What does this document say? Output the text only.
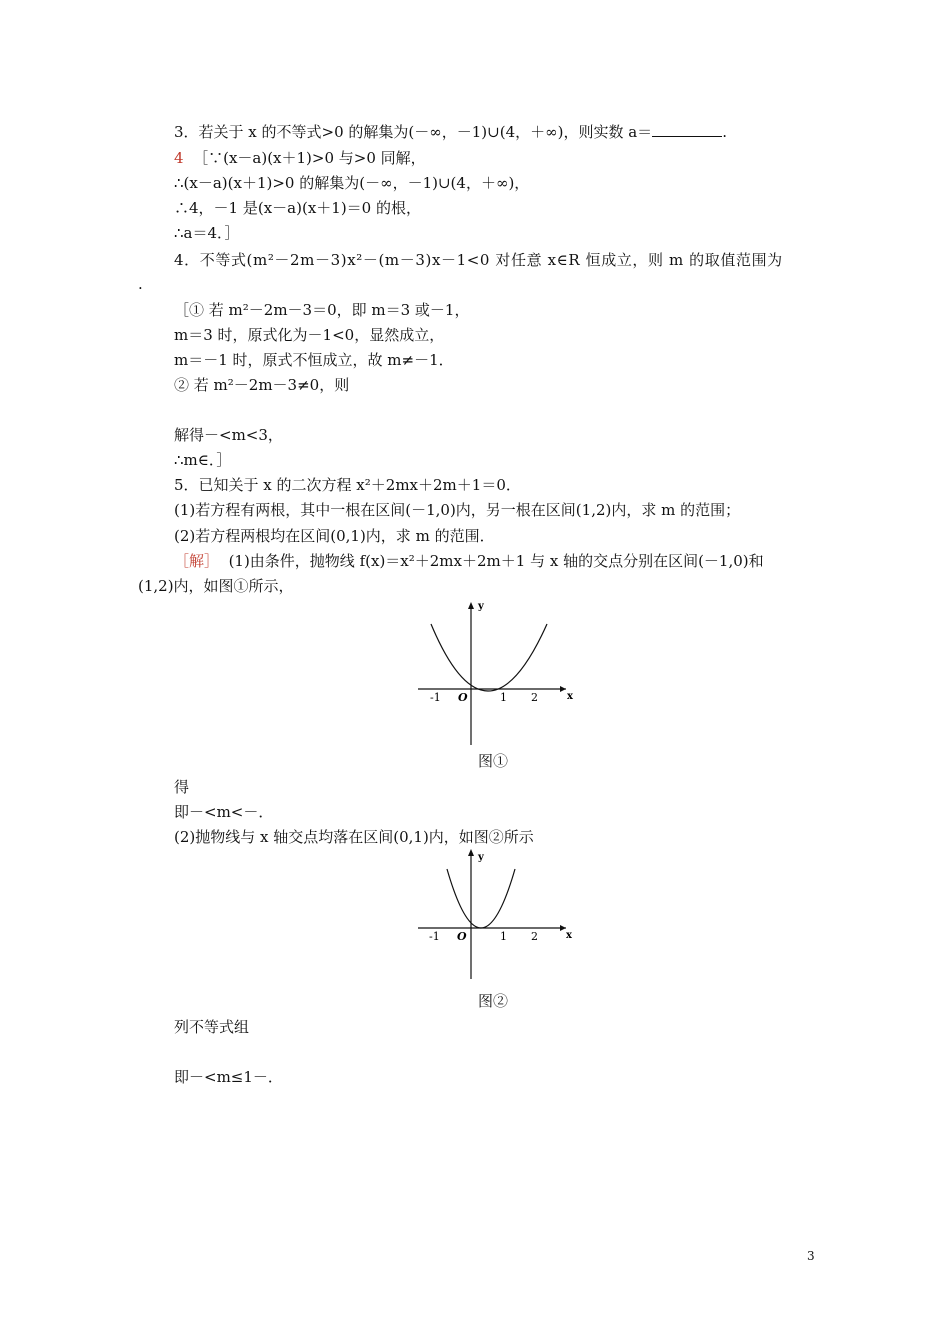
3．若关于 x 的不等式>0 的解集为(－∞，－1)∪(4，＋∞)，则实数 a＝	.
4 ［∵(x－a)(x＋1)>0 与>0 同解，
∴(x－a)(x＋1)>0 的解集为(－∞，－1)∪(4，＋∞)，
∴4，－1 是(x－a)(x＋1)＝0 的根，
∴a＝4．］
4．不等式(m²－2m－3)x²－(m－3)x－1<0 对任意 x∈R 恒成立，则 m 的取值范围为
.
［① 若 m²－2m－3＝0，即 m＝3 或－1，
m＝3 时，原式化为－1<0，显然成立，
m＝－1 时，原式不恒成立，故 m≠－1．
② 若 m²－2m－3≠0，则
解得－<m<3，
∴m∈．］
5．已知关于 x 的二次方程 x²＋2mx＋2m＋1＝0．
(1)若方程有两根，其中一根在区间(－1,0)内，另一根在区间(1,2)内，求 m 的范围；
(2)若方程两根均在区间(0,1)内，求 m 的范围．
［解］ (1)由条件，抛物线 f(x)＝x²＋2mx＋2m＋1 与 x 轴的交点分别在区间(－1,0)和
(1,2)内，如图①所示，
y
x
O
-1	1 2
图①
得
即－<m<－．
(2)抛物线与 x 轴交点均落在区间(0,1)内，如图②所示
y
x
O
-1	1 2
图②
列不等式组
即－<m≤1－．
3
